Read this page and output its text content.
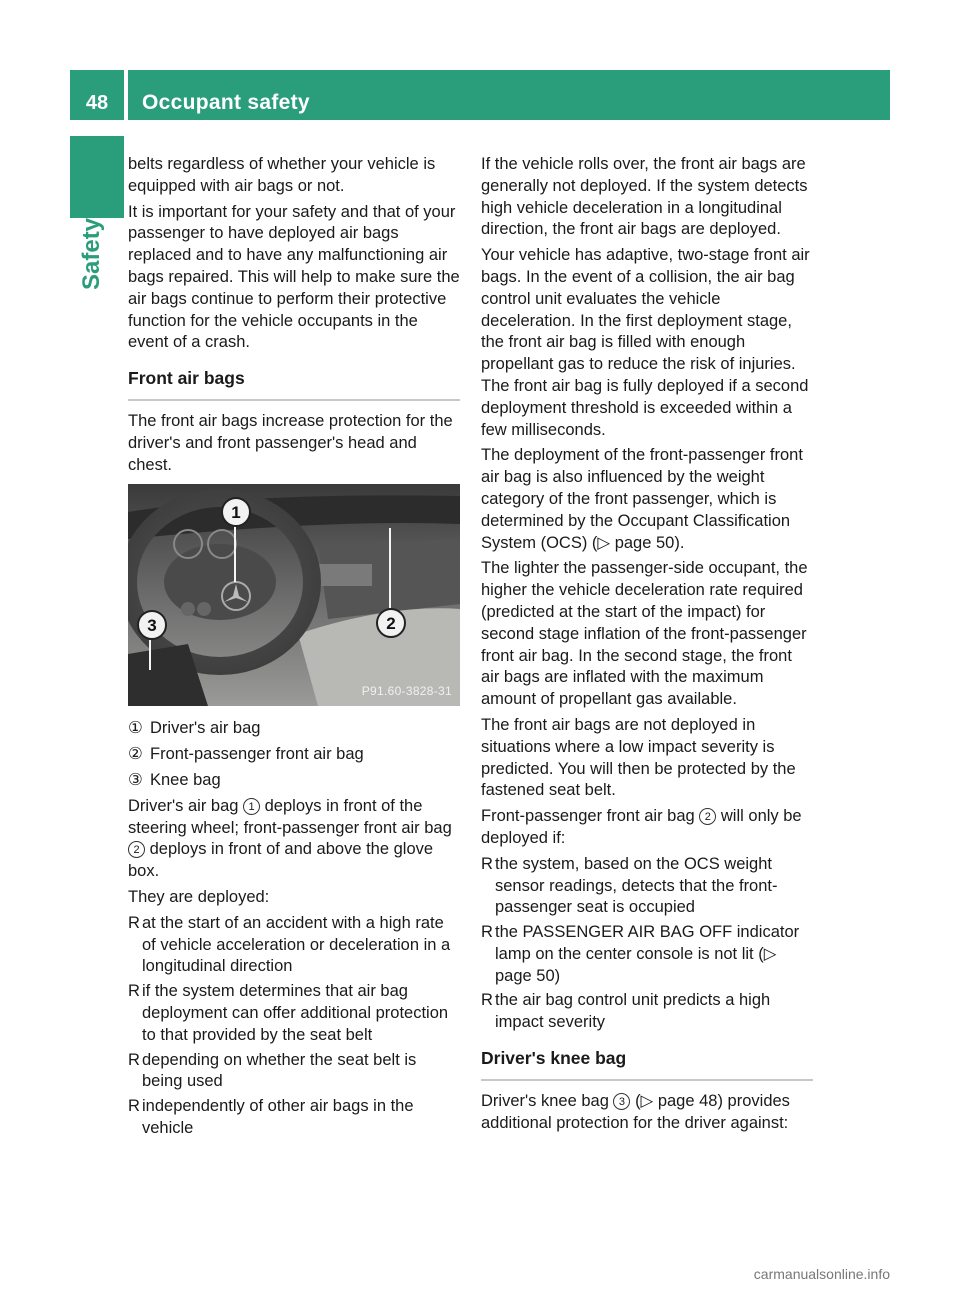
48	Occupant safety
Safety

belts regardless of whether your vehicle is equipped with air bags or not.

It is important for your safety and that of your passenger to have deployed air bags replaced and to have any malfunctioning air bags repaired. This will help to make sure the air bags continue to perform their protective function for the vehicle occupants in the event of a crash.

Front air bags

The front air bags increase protection for the driver's and front passenger's head and chest.

1
2
3
P91.60-3828-31
① Driver's air bag
② Front-passenger front air bag
③ Knee bag

Driver's air bag 1 deploys in front of the steering wheel; front-passenger front air bag 2 deploys in front of and above the glove box.

They are deployed:

R at the start of an accident with a high rate of vehicle acceleration or deceleration in a longitudinal direction
R if the system determines that air bag deployment can offer additional protection to that provided by the seat belt
R depending on whether the seat belt is being used
R independently of other air bags in the vehicle

If the vehicle rolls over, the front air bags are generally not deployed. If the system detects high vehicle deceleration in a longitudinal direction, the front air bags are deployed.

Your vehicle has adaptive, two-stage front air bags. In the event of a collision, the air bag control unit evaluates the vehicle deceleration. In the first deployment stage, the front air bag is filled with enough propellant gas to reduce the risk of injuries. The front air bag is fully deployed if a second deployment threshold is exceeded within a few milliseconds.

The deployment of the front-passenger front air bag is also influenced by the weight category of the front passenger, which is determined by the Occupant Classification System (OCS) (▷ page 50).

The lighter the passenger-side occupant, the higher the vehicle deceleration rate required (predicted at the start of the impact) for second stage inflation of the front-passenger front air bag. In the second stage, the front air bags are inflated with the maximum amount of propellant gas available.

The front air bags are not deployed in situations where a low impact severity is predicted. You will then be protected by the fastened seat belt.

Front-passenger front air bag 2 will only be deployed if:

R the system, based on the OCS weight sensor readings, detects that the front-passenger seat is occupied
R the PASSENGER AIR BAG OFF indicator lamp on the center console is not lit (▷ page 50)
R the air bag control unit predicts a high impact severity
Driver's knee bag

Driver's knee bag 3 (▷ page 48) provides additional protection for the driver against:

carmanualsonline.info
